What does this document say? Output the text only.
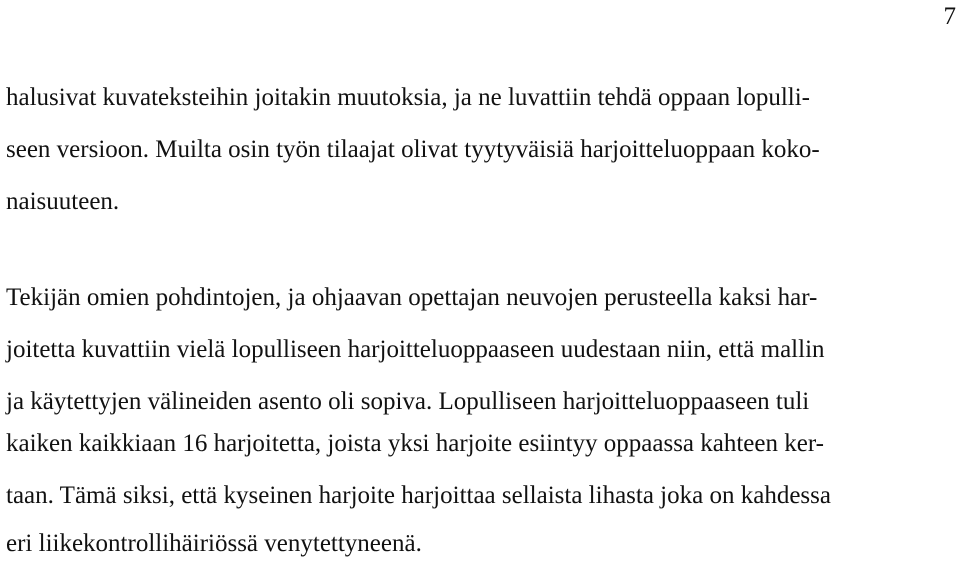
7
halusivat kuvateksteihin joitakin muutoksia, ja ne luvattiin tehdä oppaan lopulli-
seen versioon. Muilta osin työn tilaajat olivat tyytyväisiä harjoitteluoppaan koko-
naisuuteen.
Tekijän omien pohdintojen, ja ohjaavan opettajan neuvojen perusteella kaksi har-
joitetta kuvattiin vielä lopulliseen harjoitteluoppaaseen uudestaan niin, että mallin
ja käytettyjen välineiden asento oli sopiva. Lopulliseen harjoitteluoppaaseen tuli
kaiken kaikkiaan 16 harjoitetta, joista yksi harjoite esiintyy oppaassa kahteen ker-
taan. Tämä siksi, että kyseinen harjoite harjoittaa sellaista lihasta joka on kahdessa
eri liikekontrollihäiriössä venytettyneenä.
